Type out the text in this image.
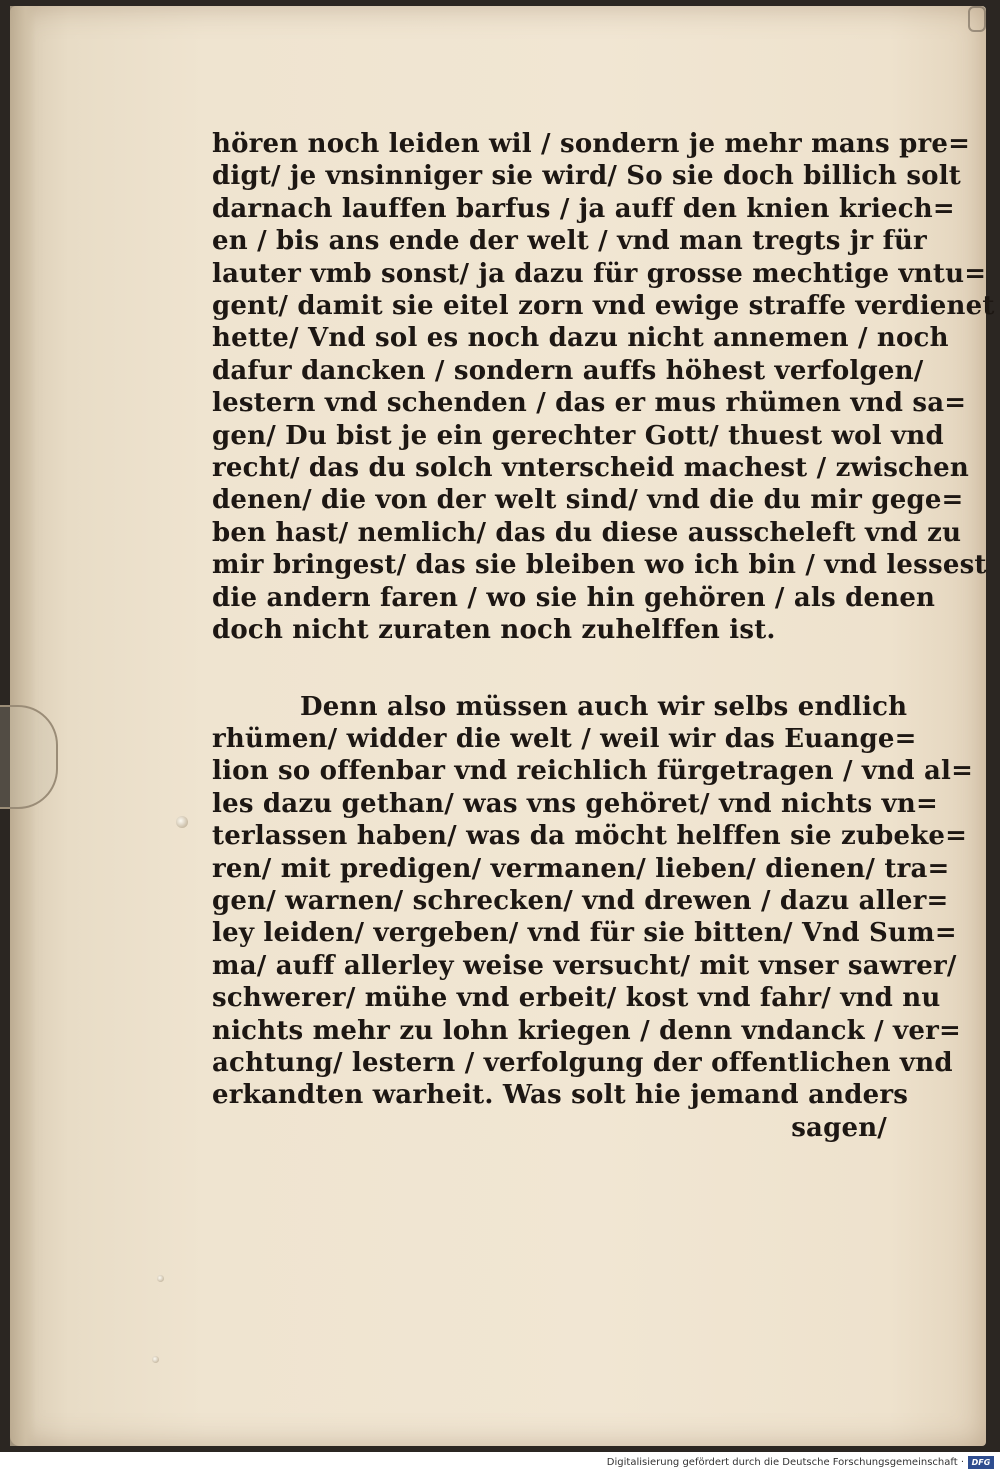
hören noch leiden wil / sondern je mehr mans pre=
digt/ je vnsinniger sie wird/ So sie doch billich solt
darnach lauffen barfus / ja auff den knien kriech=
en / bis ans ende der welt / vnd man tregts jr für
lauter vmb sonst/ ja dazu für grosse mechtige vntu=
gent/ damit sie eitel zorn vnd ewige straffe verdienet
hette/ Vnd sol es noch dazu nicht annemen / noch
dafur dancken / sondern auffs höhest verfolgen/
lestern vnd schenden / das er mus rhümen vnd sa=
gen/ Du bist je ein gerechter Gott/ thuest wol vnd
recht/ das du solch vnterscheid machest / zwischen
denen/ die von der welt sind/ vnd die du mir gege=
ben hast/ nemlich/ das du diese ausscheleft vnd zu
mir bringest/ das sie bleiben wo ich bin / vnd lessest
die andern faren / wo sie hin gehören / als denen
doch nicht zuraten noch zuhelffen ist.
Denn also müssen auch wir selbs endlich
rhümen/ widder die welt / weil wir das Euange=
lion so offenbar vnd reichlich fürgetragen / vnd al=
les dazu gethan/ was vns gehöret/ vnd nichts vn=
terlassen haben/ was da möcht helffen sie zubeke=
ren/ mit predigen/ vermanen/ lieben/ dienen/ tra=
gen/ warnen/ schrecken/ vnd drewen / dazu aller=
ley leiden/ vergeben/ vnd für sie bitten/ Vnd Sum=
ma/ auff allerley weise versucht/ mit vnser sawrer/
schwerer/ mühe vnd erbeit/ kost vnd fahr/ vnd nu
nichts mehr zu lohn kriegen / denn vndanck / ver=
achtung/ lestern / verfolgung der offentlichen vnd
erkandten warheit. Was solt hie jemand anders
sagen/
Digitalisierung gefördert durch die Deutsche Forschungsgemeinschaft · DFG
